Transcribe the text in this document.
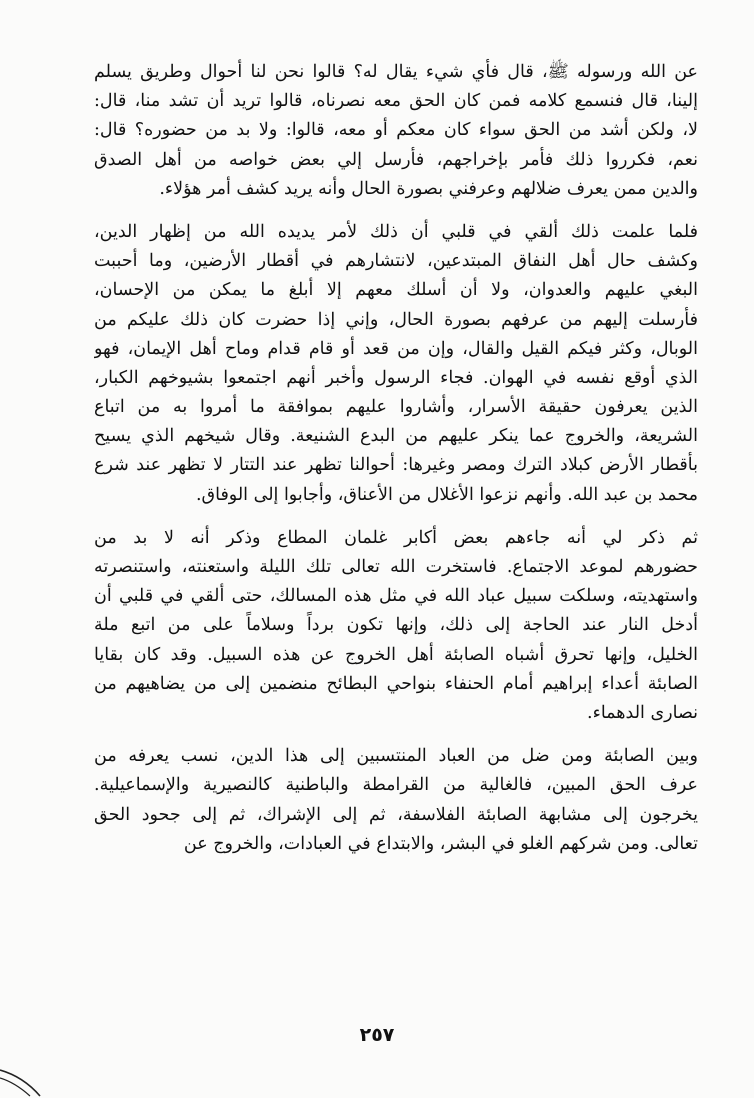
عن الله ورسوله ﷺ، قال فأي شيء يقال له؟ قالوا نحن لنا أحوال وطريق يسلم
إلينا، قال فنسمع كلامه فمن كان الحق معه نصرناه، قالوا تريد أن تشد منا، قال:
لا، ولكن أشد من الحق سواء كان معكم أو معه، قالوا: ولا بد من حضوره؟ قال:
نعم، فكرروا ذلك فأمر بإخراجهم، فأرسل إلي بعض خواصه من أهل الصدق
والدين ممن يعرف ضلالهم وعرفني بصورة الحال وأنه يريد كشف أمر هؤلاء.
فلما علمت ذلك ألقي في قلبي أن ذلك لأمر يديده الله من إظهار الدين،
وكشف حال أهل النفاق المبتدعين، لانتشارهم في أقطار الأرضين، وما أحببت
البغي عليهم والعدوان، ولا أن أسلك معهم إلا أبلغ ما يمكن من الإحسان،
فأرسلت إليهم من عرفهم بصورة الحال، وإني إذا حضرت كان ذلك عليكم من
الوبال، وكثر فيكم القيل والقال، وإن من قعد أو قام قدام وماح أهل الإيمان، فهو
الذي أوقع نفسه في الهوان. فجاء الرسول وأخبر أنهم اجتمعوا بشيوخهم الكبار،
الذين يعرفون حقيقة الأسرار، وأشاروا عليهم بموافقة ما أمروا به من اتباع
الشريعة، والخروج عما ينكر عليهم من البدع الشنيعة. وقال شيخهم الذي يسيح
بأقطار الأرض كبلاد الترك ومصر وغيرها: أحوالنا تظهر عند التتار لا تظهر عند شرع
محمد بن عبد الله. وأنهم نزعوا الأغلال من الأعناق، وأجابوا إلى الوفاق.
ثم ذكر لي أنه جاءهم بعض أكابر غلمان المطاع وذكر أنه لا بد من
حضورهم لموعد الاجتماع. فاستخرت الله تعالى تلك الليلة واستعنته، واستنصرته
واستهديته، وسلكت سبيل عباد الله في مثل هذه المسالك، حتى ألقي في قلبي أن
أدخل النار عند الحاجة إلى ذلك، وإنها تكون برداً وسلاماً على من اتبع ملة
الخليل، وإنها تحرق أشباه الصابئة أهل الخروج عن هذه السبيل. وقد كان بقايا
الصابئة أعداء إبراهيم أمام الحنفاء بنواحي البطائح منضمين إلى من يضاهيهم من
نصارى الدهماء.
وبين الصابئة ومن ضل من العباد المنتسبين إلى هذا الدين، نسب يعرفه من
عرف الحق المبين، فالغالية من القرامطة والباطنية كالنصيرية والإسماعيلية.
يخرجون إلى مشابهة الصابئة الفلاسفة، ثم إلى الإشراك، ثم إلى جحود الحق
تعالى. ومن شركهم الغلو في البشر، والابتداع في العبادات، والخروج عن
٢٥٧
